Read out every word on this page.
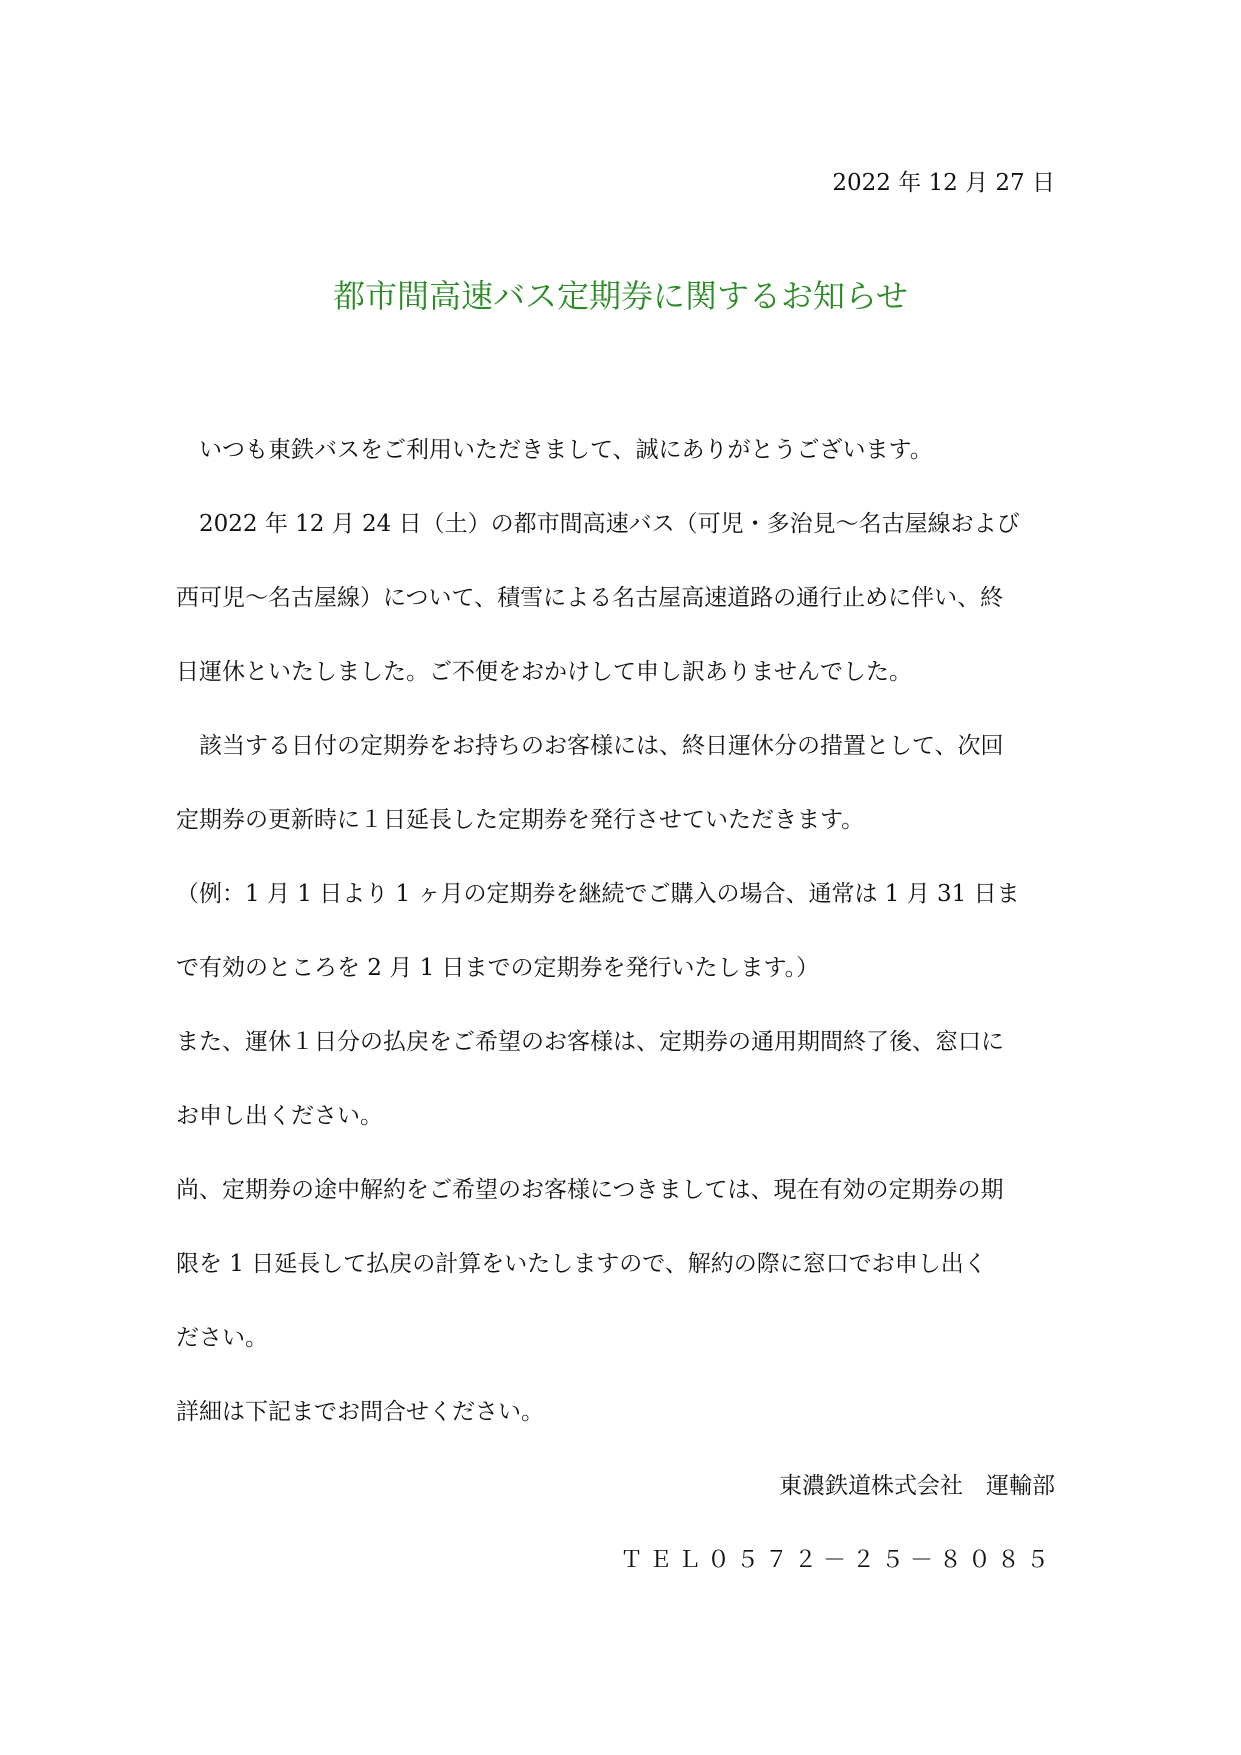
2022 年 12 月 27 日
都市間高速バス定期券に関するお知らせ
いつも東鉄バスをご利用いただきまして、誠にありがとうございます。
2022 年 12 月 24 日（土）の都市間高速バス（可児・多治見～名古屋線および
西可児～名古屋線）について、積雪による名古屋高速道路の通行止めに伴い、終
日運休といたしました。ご不便をおかけして申し訳ありませんでした。
該当する日付の定期券をお持ちのお客様には、終日運休分の措置として、次回
定期券の更新時に１日延長した定期券を発行させていただきます。
（例：1 月 1 日より 1 ヶ月の定期券を継続でご購入の場合、通常は 1 月 31 日ま
で有効のところを 2 月 1 日までの定期券を発行いたします。）
また、運休１日分の払戻をご希望のお客様は、定期券の通用期間終了後、窓口に
お申し出ください。
尚、定期券の途中解約をご希望のお客様につきましては、現在有効の定期券の期
限を 1 日延長して払戻の計算をいたしますので、解約の際に窓口でお申し出く
ださい。
詳細は下記までお問合せください。
東濃鉄道株式会社　運輸部
ＴＥＬ０５７２－２５－８０８５
